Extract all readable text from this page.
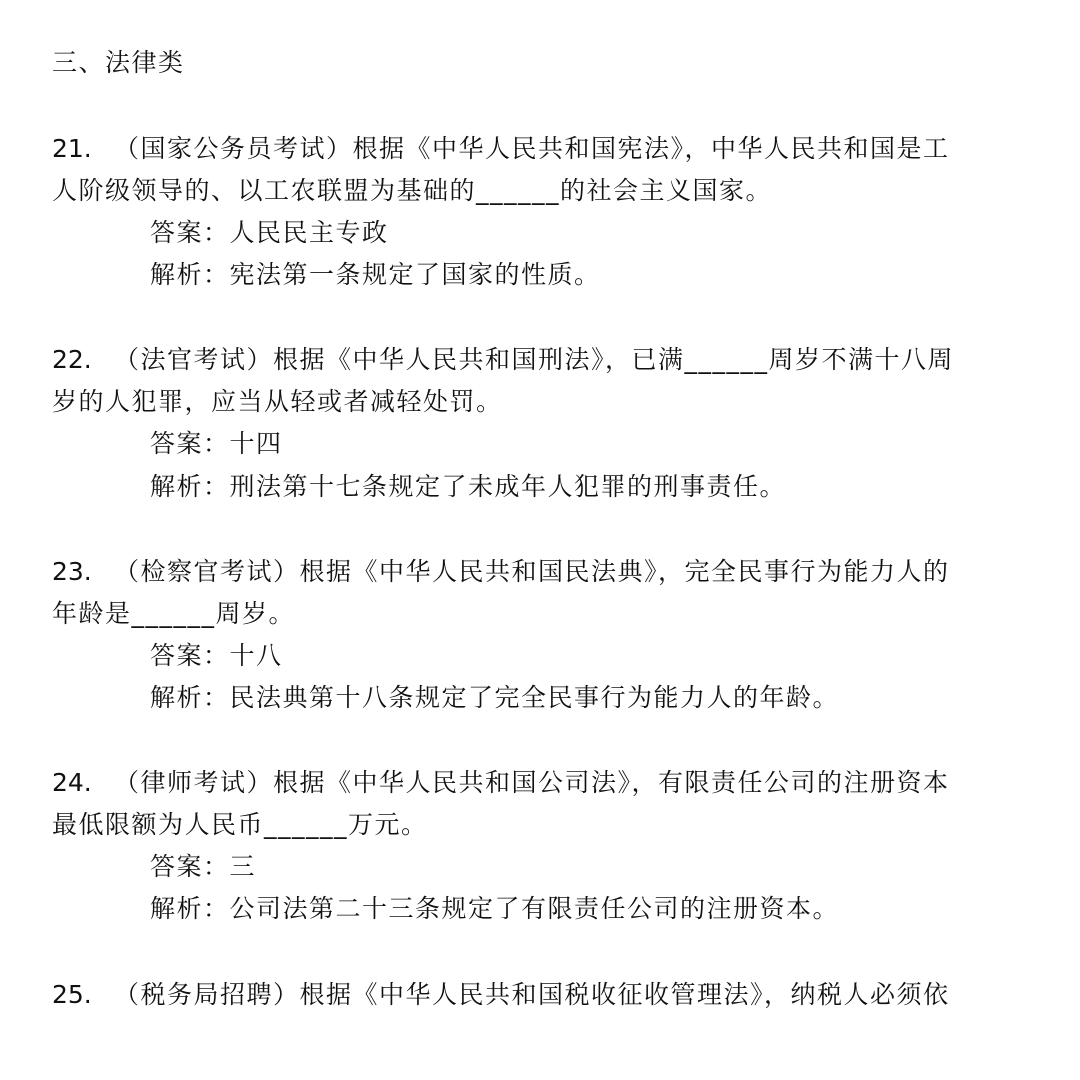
三、法律类
21. （国家公务员考试）根据《中华人民共和国宪法》，中华人民共和国是工
人阶级领导的、以工农联盟为基础的______的社会主义国家。
答案：人民民主专政
解析：宪法第一条规定了国家的性质。
22. （法官考试）根据《中华人民共和国刑法》，已满______周岁不满十八周
岁的人犯罪，应当从轻或者减轻处罚。
答案：十四
解析：刑法第十七条规定了未成年人犯罪的刑事责任。
23. （检察官考试）根据《中华人民共和国民法典》，完全民事行为能力人的
年龄是______周岁。
答案：十八
解析：民法典第十八条规定了完全民事行为能力人的年龄。
24. （律师考试）根据《中华人民共和国公司法》，有限责任公司的注册资本
最低限额为人民币______万元。
答案：三
解析：公司法第二十三条规定了有限责任公司的注册资本。
25. （税务局招聘）根据《中华人民共和国税收征收管理法》，纳税人必须依
